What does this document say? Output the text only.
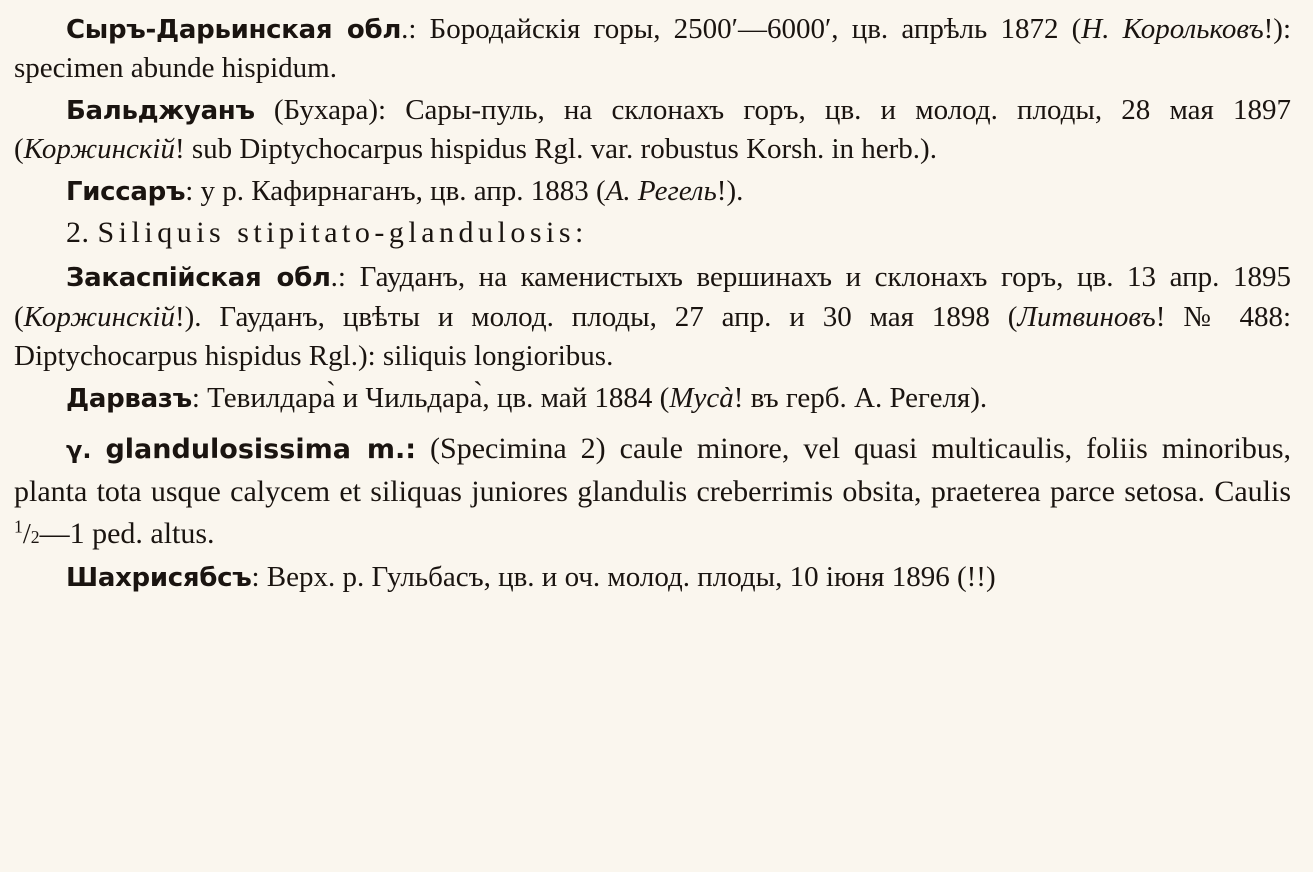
Сыръ-Дарьинская обл.: Бородайскія горы, 2500′—6000′, цв. апрѣль 1872 (Н. Корольковъ!): specimen abunde hispidum.

Бальджуанъ (Бухара): Сары-пуль, на склонахъ горъ, цв. и молод. плоды, 28 мая 1897 (Коржинскій! sub Diptychocarpus hispidus Rgl. var. robustus Korsh. in herb.).

Гиссаръ: у р. Кафирнаганъ, цв. апр. 1883 (А. Регель!).

2. Siliquis stipitato-glandulosis:

Закаспійская обл.: Гауданъ, на каменистыхъ вершинахъ и склонахъ горъ, цв. 13 апр. 1895 (Коржинскій!). Гауданъ, цвѣты и молод. плоды, 27 апр. и 30 мая 1898 (Литвиновъ! № 488: Diptychocarpus hispidus Rgl.): siliquis longioribus.

Дарвазъ: Тевилдара̀ и Чильдара̀, цв. май 1884 (Мусà! въ герб. А. Регеля).

γ. glandulosissima m.: (Specimina 2) caule minore, vel quasi multicaulis, foliis minoribus, planta tota usque calycem et siliquas juniores glandulis creberrimis obsita, praeterea parce setosa. Caulis $^1$/2—1 ped. altus.

Шахрисябсъ: Верх. р. Гульбасъ, цв. и оч. молод. плоды, 10 іюня 1896 (!!)
